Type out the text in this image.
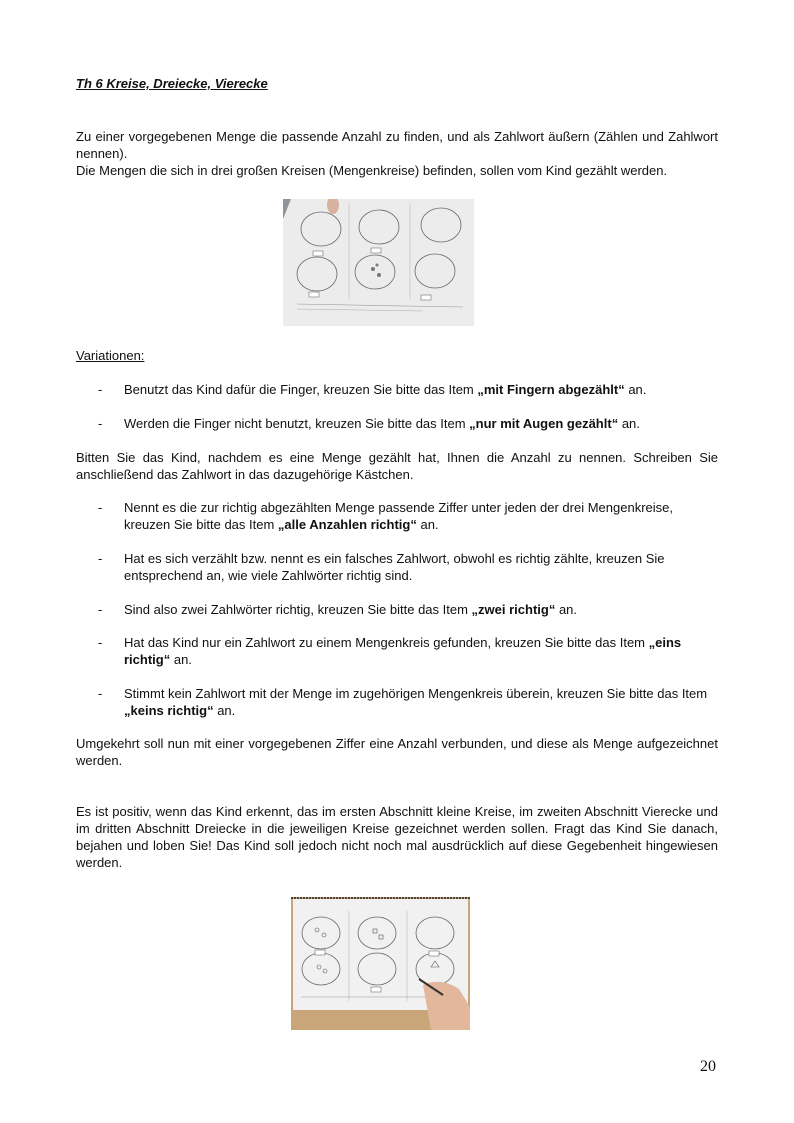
Th 6 Kreise, Dreiecke, Vierecke

Zu einer vorgegebenen Menge die passende Anzahl zu finden, und als Zahlwort äußern (Zählen und Zahlwort nennen).
Die Mengen die sich in drei großen Kreisen (Mengenkreise) befinden, sollen vom Kind gezählt werden.

Variationen:

- Benutzt das Kind dafür die Finger, kreuzen Sie bitte das Item „mit Fingern abgezählt“ an.
- Werden die Finger nicht benutzt, kreuzen Sie bitte das Item „nur mit Augen gezählt“ an.

Bitten Sie das Kind, nachdem es eine Menge gezählt hat, Ihnen die Anzahl zu nennen. Schreiben Sie anschließend das Zahlwort in das dazugehörige Kästchen.

- Nennt es die zur richtig abgezählten Menge passende Ziffer unter jeden der drei Mengenkreise, kreuzen Sie bitte das Item „alle Anzahlen richtig“ an.
- Hat es sich verzählt bzw. nennt es ein falsches Zahlwort, obwohl es richtig zählte, kreuzen Sie entsprechend an, wie viele Zahlwörter richtig sind.
- Sind also zwei Zahlwörter richtig, kreuzen Sie bitte das Item „zwei richtig“ an.
- Hat das Kind nur ein Zahlwort zu einem Mengenkreis gefunden, kreuzen Sie bitte das Item „eins richtig“ an.
- Stimmt kein Zahlwort mit der Menge im zugehörigen Mengenkreis überein, kreuzen Sie bitte das Item „keins richtig“ an.

Umgekehrt soll nun mit einer vorgegebenen Ziffer eine Anzahl verbunden, und diese als Menge aufgezeichnet werden.

Es ist positiv, wenn das Kind erkennt, das im ersten Abschnitt kleine Kreise, im zweiten Abschnitt Vierecke und im dritten Abschnitt Dreiecke in die jeweiligen Kreise gezeichnet werden sollen. Fragt das Kind Sie danach, bejahen und loben Sie! Das Kind soll jedoch nicht noch mal ausdrücklich auf diese Gegebenheit hingewiesen werden.

20
